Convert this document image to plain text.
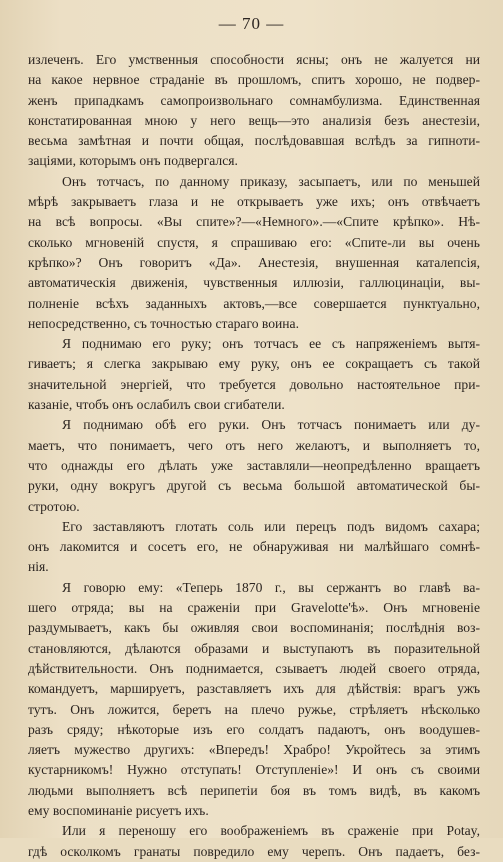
— 70 —
излеченъ. Его умственныя способности ясны; онъ не жалуется ни
на какое нервное страданіе въ прошломъ, спитъ хорошо, не подвер-
женъ припадкамъ самопроизвольнаго сомнамбулизма. Единственная
констатированная мною у него вещь—это анализія безъ анестезіи,
весьма замѣтная и почти общая, послѣдовавшая вслѣдъ за гипноти-
заціями, которымъ онъ подвергался.
Онъ тотчасъ, по данному приказу, засыпаетъ, или по меньшей
мѣрѣ закрываетъ глаза и не открываетъ уже ихъ; онъ отвѣчаетъ
на всѣ вопросы. «Вы спите»?—«Немного».—«Спите крѣпко». Нѣ-
сколько мгновеній спустя, я спрашиваю его: «Спите-ли вы очень
крѣпко»? Онъ говоритъ «Да». Анестезія, внушенная каталепсія,
автоматическія движенія, чувственныя иллюзіи, галлюцинаціи, вы-
полненіе всѣхъ заданныхъ актовъ,—все совершается пунктуально,
непосредственно, съ точностью стараго воина.
Я поднимаю его руку; онъ тотчасъ ее съ напряженіемъ вытя-
гиваетъ; я слегка закрываю ему руку, онъ ее сокращаетъ съ такой
значительной энергіей, что требуется довольно настоятельное при-
казаніе, чтобъ онъ ослабилъ свои сгибатели.
Я поднимаю обѣ его руки. Онъ тотчасъ понимаетъ или ду-
маетъ, что понимаетъ, чего отъ него желаютъ, и выполняетъ то,
что однажды его дѣлать уже заставляли—неопредѣленно вращаетъ
руки, одну вокругъ другой съ весьма большой автоматической бы-
стротою.
Его заставляютъ глотать соль или перецъ подъ видомъ сахара;
онъ лакомится и сосетъ его, не обнаруживая ни малѣйшаго сомнѣ-
нія.
Я говорю ему: «Теперь 1870 г., вы сержантъ во главѣ ва-
шего отряда; вы на сраженіи при Gravelotte'ѣ». Онъ мгновеніе
раздумываетъ, какъ бы оживляя свои воспоминанія; послѣднія воз-
становляются, дѣлаются образами и выступаютъ въ поразительной
дѣйствительности. Онъ поднимается, сзываетъ людей своего отряда,
командуетъ, маршируетъ, разставляетъ ихъ для дѣйствія: врагъ ужъ
тутъ. Онъ ложится, беретъ на плечо ружье, стрѣляетъ нѣсколько
разъ сряду; нѣкоторые изъ его солдатъ падаютъ, онъ воодушев-
ляетъ мужество другихъ: «Впередъ! Храбро! Укройтесь за этимъ
кустарникомъ! Нужно отступать! Отступленіе»! И онъ съ своими
людьми выполняетъ всѣ перипетіи боя въ томъ видѣ, въ какомъ
ему воспоминаніе рисуетъ ихъ.
Или я переношу его воображеніемъ въ сраженіе при Potay,
гдѣ осколкомъ гранаты повредило ему черепъ. Онъ падаетъ, без-
